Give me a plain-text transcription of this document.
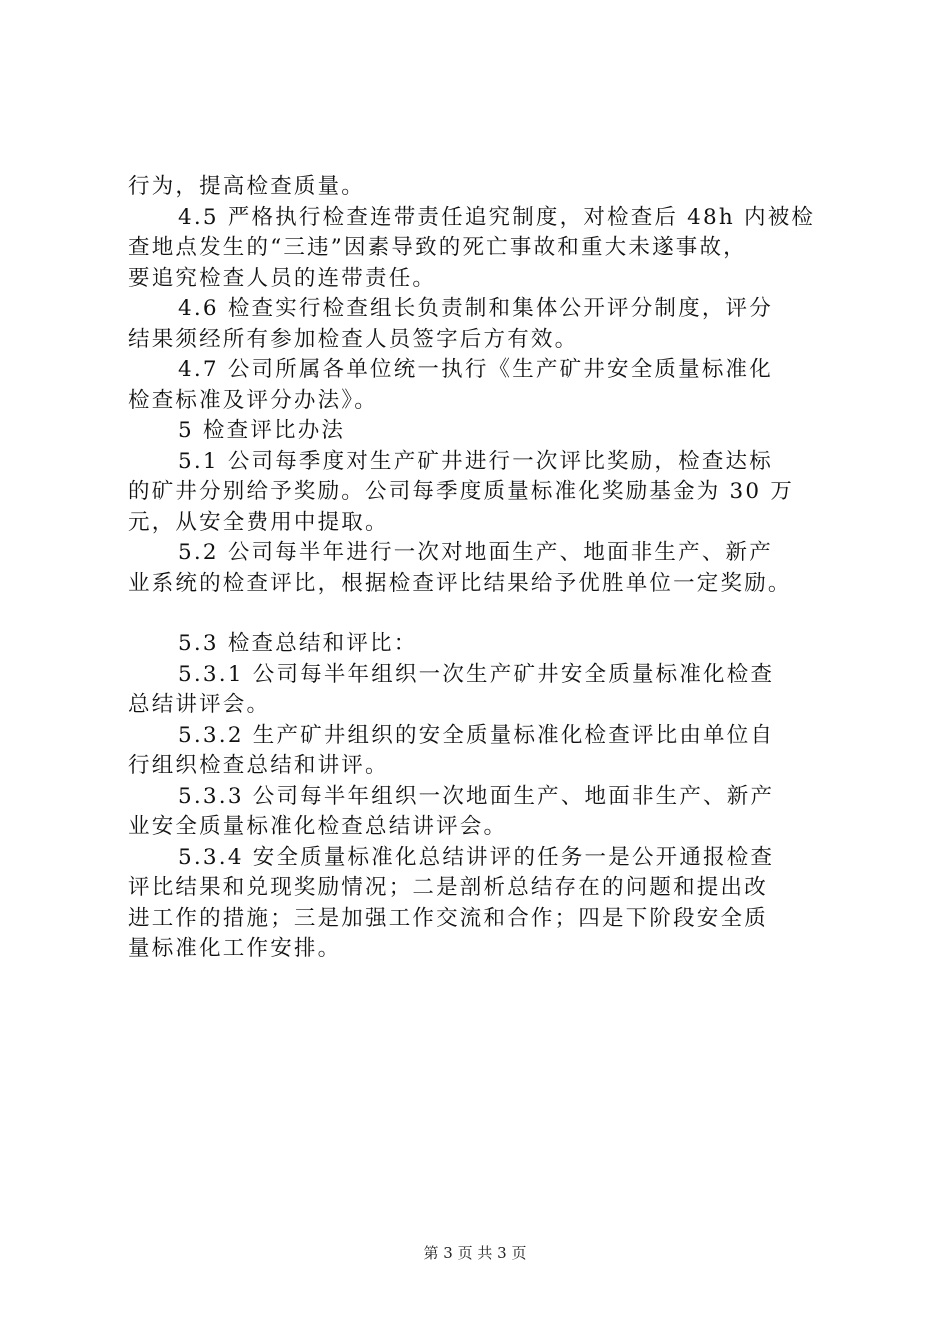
行为，提高检查质量。
4.5 严格执行检查连带责任追究制度，对检查后 48h 内被检
查地点发生的“三违”因素导致的死亡事故和重大未遂事故，
要追究检查人员的连带责任。
4.6 检查实行检查组长负责制和集体公开评分制度，评分
结果须经所有参加检查人员签字后方有效。
4.7 公司所属各单位统一执行《生产矿井安全质量标准化
检查标准及评分办法》。
5 检查评比办法
5.1 公司每季度对生产矿井进行一次评比奖励，检查达标
的矿井分别给予奖励。公司每季度质量标准化奖励基金为 30 万
元，从安全费用中提取。
5.2 公司每半年进行一次对地面生产、地面非生产、新产
业系统的检查评比，根据检查评比结果给予优胜单位一定奖励。
5.3 检查总结和评比：
5.3.1 公司每半年组织一次生产矿井安全质量标准化检查
总结讲评会。
5.3.2 生产矿井组织的安全质量标准化检查评比由单位自
行组织检查总结和讲评。
5.3.3 公司每半年组织一次地面生产、地面非生产、新产
业安全质量标准化检查总结讲评会。
5.3.4 安全质量标准化总结讲评的任务一是公开通报检查
评比结果和兑现奖励情况；二是剖析总结存在的问题和提出改
进工作的措施；三是加强工作交流和合作；四是下阶段安全质
量标准化工作安排。
第 3 页 共 3 页
